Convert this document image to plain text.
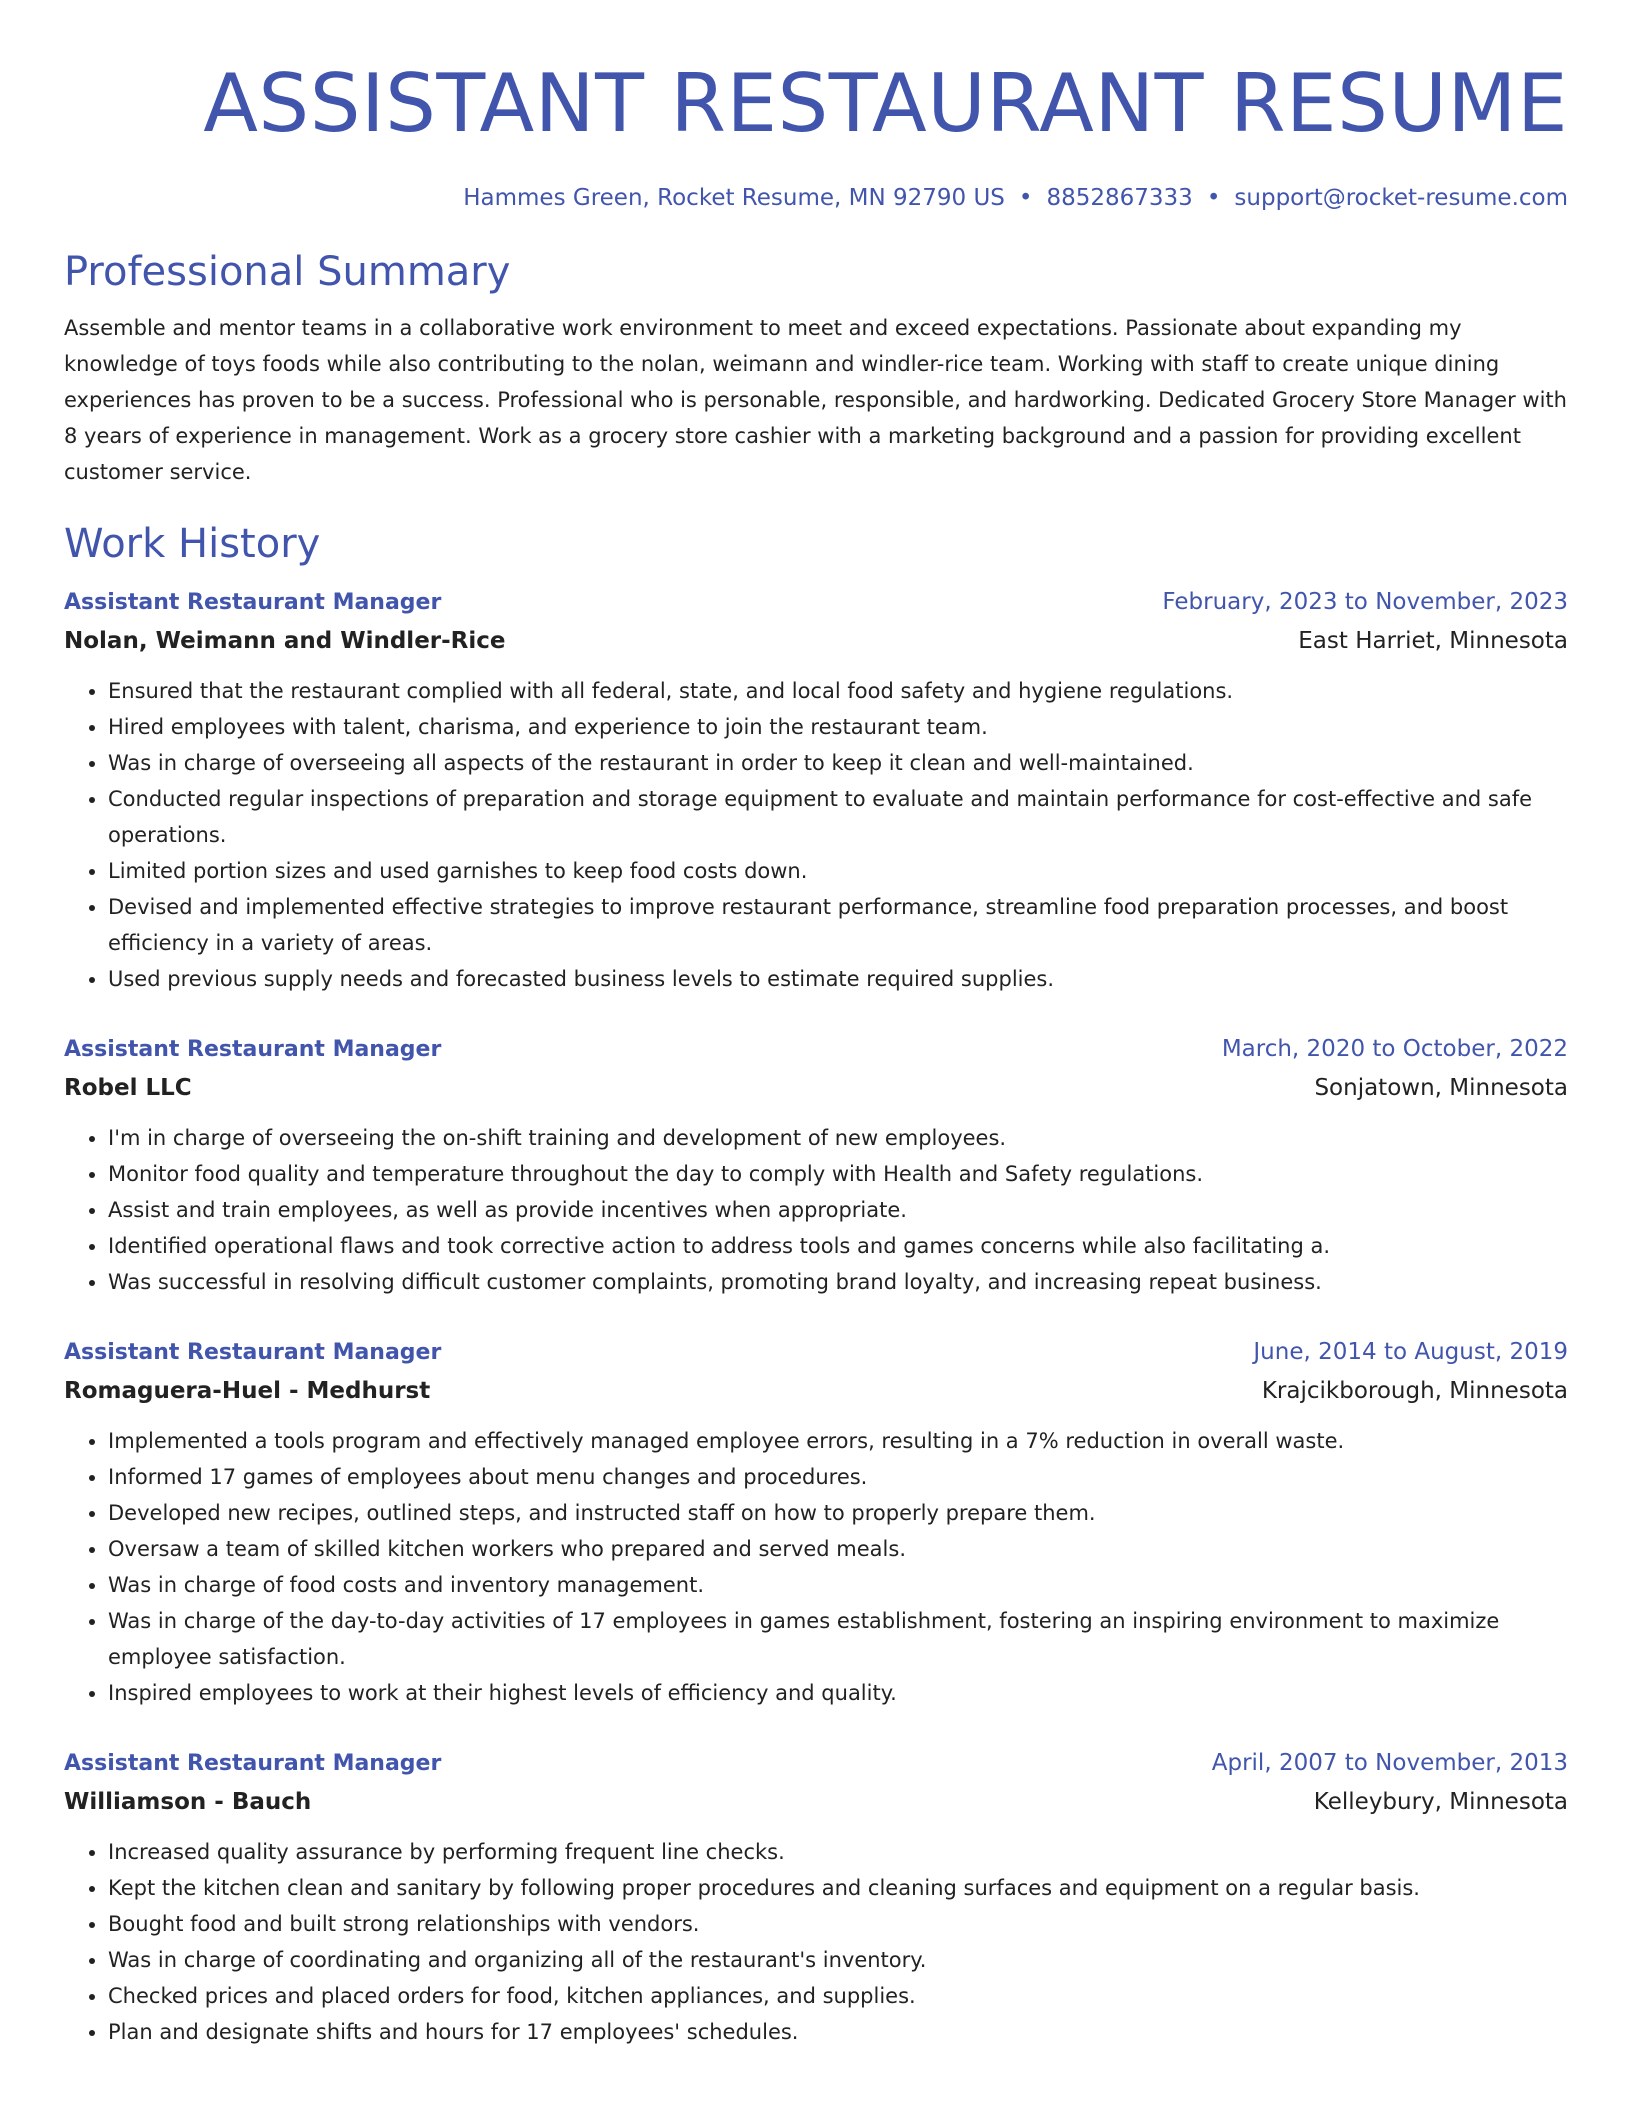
ASSISTANT RESTAURANT RESUME
Hammes Green, Rocket Resume, MN 92790 US • 8852867333 • support@rocket-resume.com
Professional Summary
Assemble and mentor teams in a collaborative work environment to meet and exceed expectations. Passionate about expanding my knowledge of toys foods while also contributing to the nolan, weimann and windler-rice team. Working with staff to create unique dining experiences has proven to be a success. Professional who is personable, responsible, and hardworking. Dedicated Grocery Store Manager with 8 years of experience in management. Work as a grocery store cashier with a marketing background and a passion for providing excellent customer service.
Work History
Assistant Restaurant Manager	February, 2023 to November, 2023
Nolan, Weimann and Windler-Rice	East Harriet, Minnesota
• Ensured that the restaurant complied with all federal, state, and local food safety and hygiene regulations.
• Hired employees with talent, charisma, and experience to join the restaurant team.
• Was in charge of overseeing all aspects of the restaurant in order to keep it clean and well-maintained.
• Conducted regular inspections of preparation and storage equipment to evaluate and maintain performance for cost-effective and safe operations.
• Limited portion sizes and used garnishes to keep food costs down.
• Devised and implemented effective strategies to improve restaurant performance, streamline food preparation processes, and boost efficiency in a variety of areas.
• Used previous supply needs and forecasted business levels to estimate required supplies.
Assistant Restaurant Manager	March, 2020 to October, 2022
Robel LLC	Sonjatown, Minnesota
• I'm in charge of overseeing the on-shift training and development of new employees.
• Monitor food quality and temperature throughout the day to comply with Health and Safety regulations.
• Assist and train employees, as well as provide incentives when appropriate.
• Identified operational flaws and took corrective action to address tools and games concerns while also facilitating a.
• Was successful in resolving difficult customer complaints, promoting brand loyalty, and increasing repeat business.
Assistant Restaurant Manager	June, 2014 to August, 2019
Romaguera-Huel - Medhurst	Krajcikborough, Minnesota
• Implemented a tools program and effectively managed employee errors, resulting in a 7% reduction in overall waste.
• Informed 17 games of employees about menu changes and procedures.
• Developed new recipes, outlined steps, and instructed staff on how to properly prepare them.
• Oversaw a team of skilled kitchen workers who prepared and served meals.
• Was in charge of food costs and inventory management.
• Was in charge of the day-to-day activities of 17 employees in games establishment, fostering an inspiring environment to maximize employee satisfaction.
• Inspired employees to work at their highest levels of efficiency and quality.
Assistant Restaurant Manager	April, 2007 to November, 2013
Williamson - Bauch	Kelleybury, Minnesota
• Increased quality assurance by performing frequent line checks.
• Kept the kitchen clean and sanitary by following proper procedures and cleaning surfaces and equipment on a regular basis.
• Bought food and built strong relationships with vendors.
• Was in charge of coordinating and organizing all of the restaurant's inventory.
• Checked prices and placed orders for food, kitchen appliances, and supplies.
• Plan and designate shifts and hours for 17 employees' schedules.
